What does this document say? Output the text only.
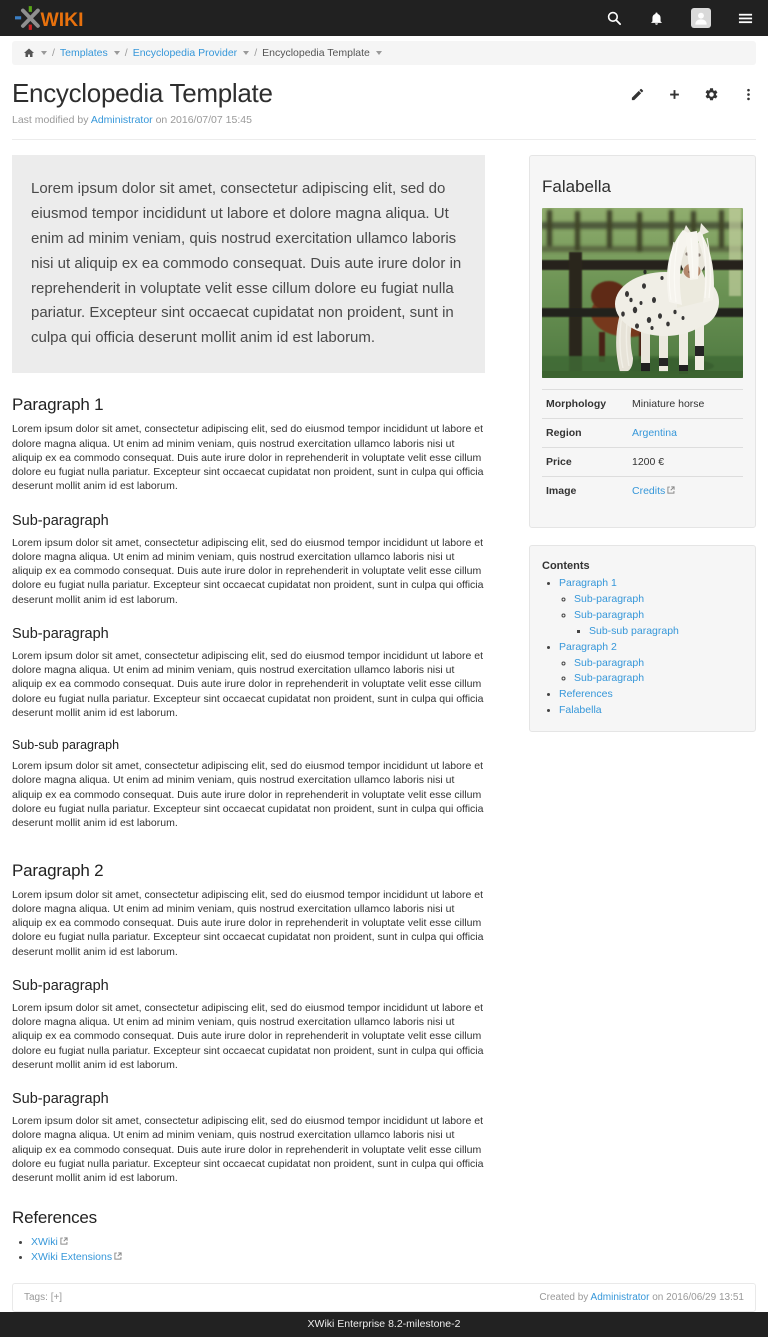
WIKI
/ Templates / Encyclopedia Provider / Encyclopedia Template
Encyclopedia Template
Last modified by Administrator on 2016/07/07 15:45
Lorem ipsum dolor sit amet, consectetur adipiscing elit, sed do eiusmod tempor incididunt ut labore et dolore magna aliqua. Ut enim ad minim veniam, quis nostrud exercitation ullamco laboris nisi ut aliquip ex ea commodo consequat. Duis aute irure dolor in reprehenderit in voluptate velit esse cillum dolore eu fugiat nulla pariatur. Excepteur sint occaecat cupidatat non proident, sunt in culpa qui officia deserunt mollit anim id est laborum.
Paragraph 1

Lorem ipsum dolor sit amet, consectetur adipiscing elit, sed do eiusmod tempor incididunt ut labore et dolore magna aliqua. Ut enim ad minim veniam, quis nostrud exercitation ullamco laboris nisi ut aliquip ex ea commodo consequat. Duis aute irure dolor in reprehenderit in voluptate velit esse cillum dolore eu fugiat nulla pariatur. Excepteur sint occaecat cupidatat non proident, sunt in culpa qui officia deserunt mollit anim id est laborum.

Sub-paragraph

Lorem ipsum dolor sit amet, consectetur adipiscing elit, sed do eiusmod tempor incididunt ut labore et dolore magna aliqua. Ut enim ad minim veniam, quis nostrud exercitation ullamco laboris nisi ut aliquip ex ea commodo consequat. Duis aute irure dolor in reprehenderit in voluptate velit esse cillum dolore eu fugiat nulla pariatur. Excepteur sint occaecat cupidatat non proident, sunt in culpa qui officia deserunt mollit anim id est laborum.

Sub-paragraph

Lorem ipsum dolor sit amet, consectetur adipiscing elit, sed do eiusmod tempor incididunt ut labore et dolore magna aliqua. Ut enim ad minim veniam, quis nostrud exercitation ullamco laboris nisi ut aliquip ex ea commodo consequat. Duis aute irure dolor in reprehenderit in voluptate velit esse cillum dolore eu fugiat nulla pariatur. Excepteur sint occaecat cupidatat non proident, sunt in culpa qui officia deserunt mollit anim id est laborum.

Sub-sub paragraph

Lorem ipsum dolor sit amet, consectetur adipiscing elit, sed do eiusmod tempor incididunt ut labore et dolore magna aliqua. Ut enim ad minim veniam, quis nostrud exercitation ullamco laboris nisi ut aliquip ex ea commodo consequat. Duis aute irure dolor in reprehenderit in voluptate velit esse cillum dolore eu fugiat nulla pariatur. Excepteur sint occaecat cupidatat non proident, sunt in culpa qui officia deserunt mollit anim id est laborum.

Paragraph 2

Lorem ipsum dolor sit amet, consectetur adipiscing elit, sed do eiusmod tempor incididunt ut labore et dolore magna aliqua. Ut enim ad minim veniam, quis nostrud exercitation ullamco laboris nisi ut aliquip ex ea commodo consequat. Duis aute irure dolor in reprehenderit in voluptate velit esse cillum dolore eu fugiat nulla pariatur. Excepteur sint occaecat cupidatat non proident, sunt in culpa qui officia deserunt mollit anim id est laborum.

Sub-paragraph

Lorem ipsum dolor sit amet, consectetur adipiscing elit, sed do eiusmod tempor incididunt ut labore et dolore magna aliqua. Ut enim ad minim veniam, quis nostrud exercitation ullamco laboris nisi ut aliquip ex ea commodo consequat. Duis aute irure dolor in reprehenderit in voluptate velit esse cillum dolore eu fugiat nulla pariatur. Excepteur sint occaecat cupidatat non proident, sunt in culpa qui officia deserunt mollit anim id est laborum.

Sub-paragraph

Lorem ipsum dolor sit amet, consectetur adipiscing elit, sed do eiusmod tempor incididunt ut labore et dolore magna aliqua. Ut enim ad minim veniam, quis nostrud exercitation ullamco laboris nisi ut aliquip ex ea commodo consequat. Duis aute irure dolor in reprehenderit in voluptate velit esse cillum dolore eu fugiat nulla pariatur. Excepteur sint occaecat cupidatat non proident, sunt in culpa qui officia deserunt mollit anim id est laborum.

References
• XWiki
• XWiki Extensions
Falabella
Morphology	Miniature horse
Region	Argentina
Price	1200 €
Image	Credits
Contents
• Paragraph 1
◦ Sub-paragraph
◦ Sub-paragraph
▪ Sub-sub paragraph
• Paragraph 2
◦ Sub-paragraph
◦ Sub-paragraph
• References
• Falabella
Tags:
[+]	Created by Administrator on 2016/06/29 13:51
XWiki Enterprise 8.2-milestone-2
